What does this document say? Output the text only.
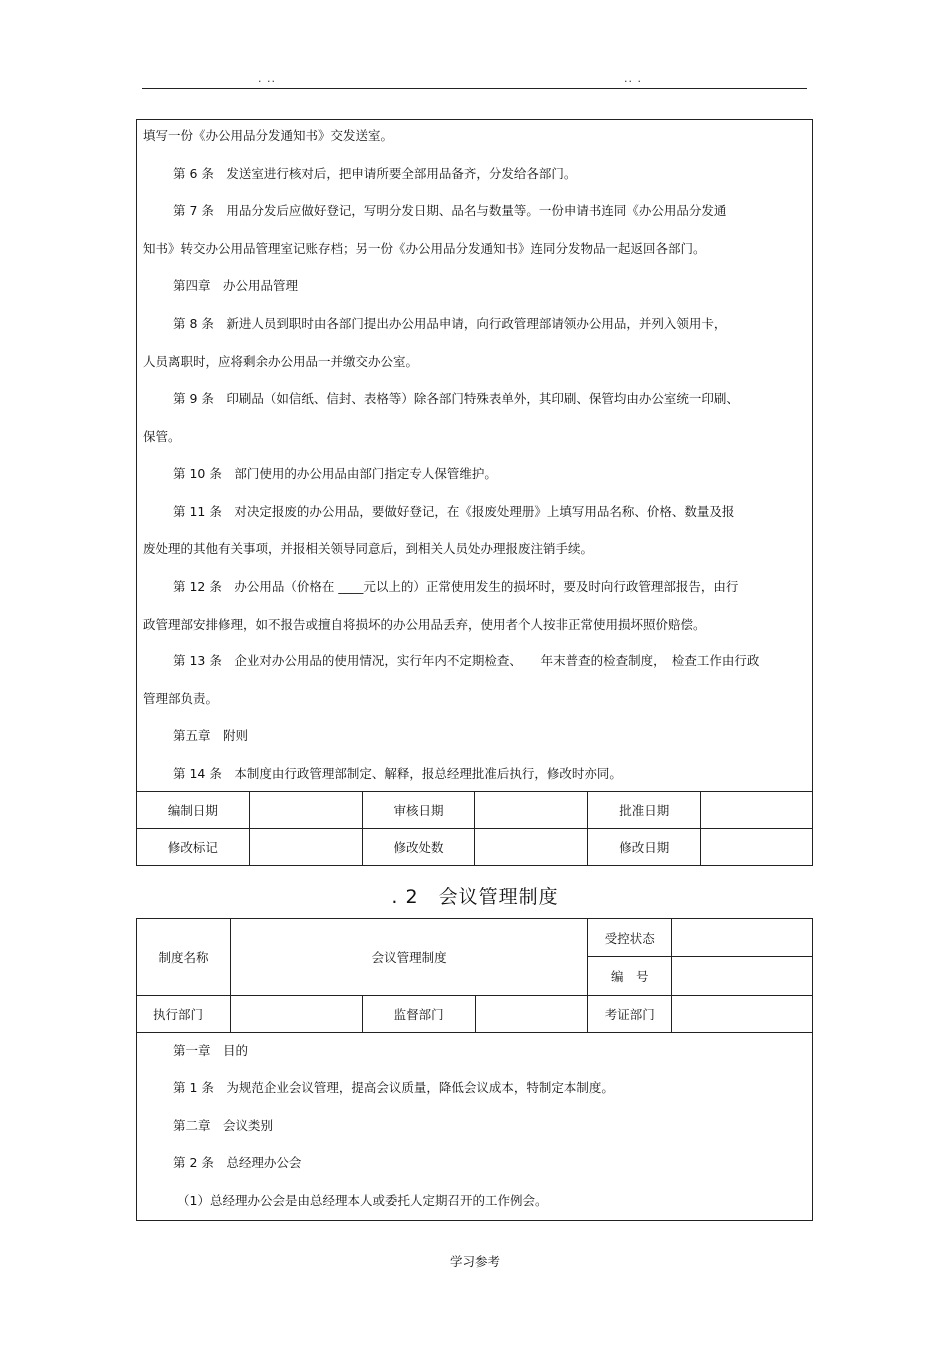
. ..	.. .
填写一份《办公用品分发通知书》交发送室。
第 6 条　发送室进行核对后，把申请所要全部用品备齐，分发给各部门。
第 7 条　用品分发后应做好登记，写明分发日期、品名与数量等。一份申请书连同《办公用品分发通
知书》转交办公用品管理室记账存档；另一份《办公用品分发通知书》连同分发物品一起返回各部门。
第四章　办公用品管理
第 8 条　新进人员到职时由各部门提出办公用品申请，向行政管理部请领办公用品，并列入领用卡，
人员离职时，应将剩余办公用品一并缴交办公室。
第 9 条　印刷品（如信纸、信封、表格等）除各部门特殊表单外，其印刷、保管均由办公室统一印刷、
保管。
第 10 条　部门使用的办公用品由部门指定专人保管维护。
第 11 条　对决定报废的办公用品，要做好登记，在《报废处理册》上填写用品名称、价格、数量及报
废处理的其他有关事项，并报相关领导同意后，到相关人员处办理报废注销手续。
第 12 条　办公用品（价格在 ____元以上的）正常使用发生的损坏时，要及时向行政管理部报告，由行
政管理部安排修理，如不报告或擅自将损坏的办公用品丢弃，使用者个人按非正常使用损坏照价赔偿。
第 13 条　企业对办公用品的使用情况，实行年内不定期检查、　　年末普查的检查制度，　检查工作由行政
管理部负责。
第五章　附则
第 14 条　本制度由行政管理部制定、解释，报总经理批准后执行，修改时亦同。
编制日期		审核日期		批准日期	
修改标记		修改处数		修改日期	
. 2　会议管理制度
制度名称	会议管理制度			受控状态	
				编　号	
执行部门		监督部门		考证部门	
第一章　目的
第 1 条　为规范企业会议管理，提高会议质量，降低会议成本，特制定本制度。
第二章　会议类别
第 2 条　总经理办公会
（1）总经理办公会是由总经理本人或委托人定期召开的工作例会。
学习参考
